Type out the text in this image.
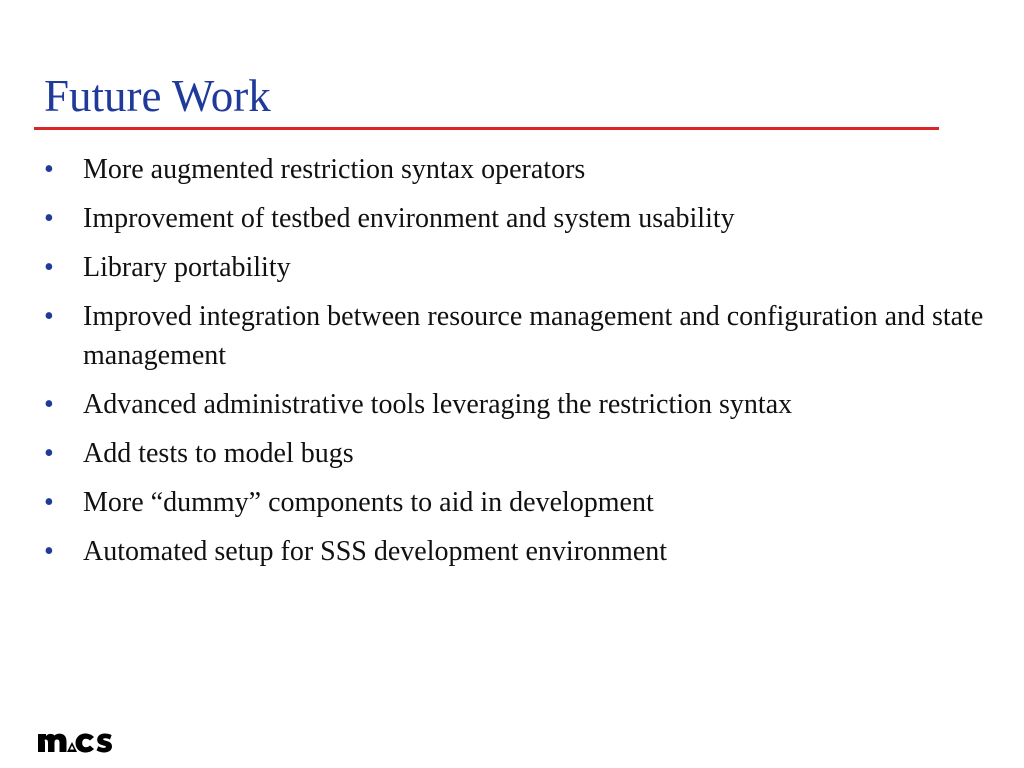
Future Work
• More augmented restriction syntax operators
• Improvement of testbed environment and system usability
• Library portability
• Improved integration between resource management and configuration and state management
• Advanced administrative tools leveraging the restriction syntax
• Add tests to model bugs
• More “dummy” components to aid in development
• Automated setup for SSS development environment
